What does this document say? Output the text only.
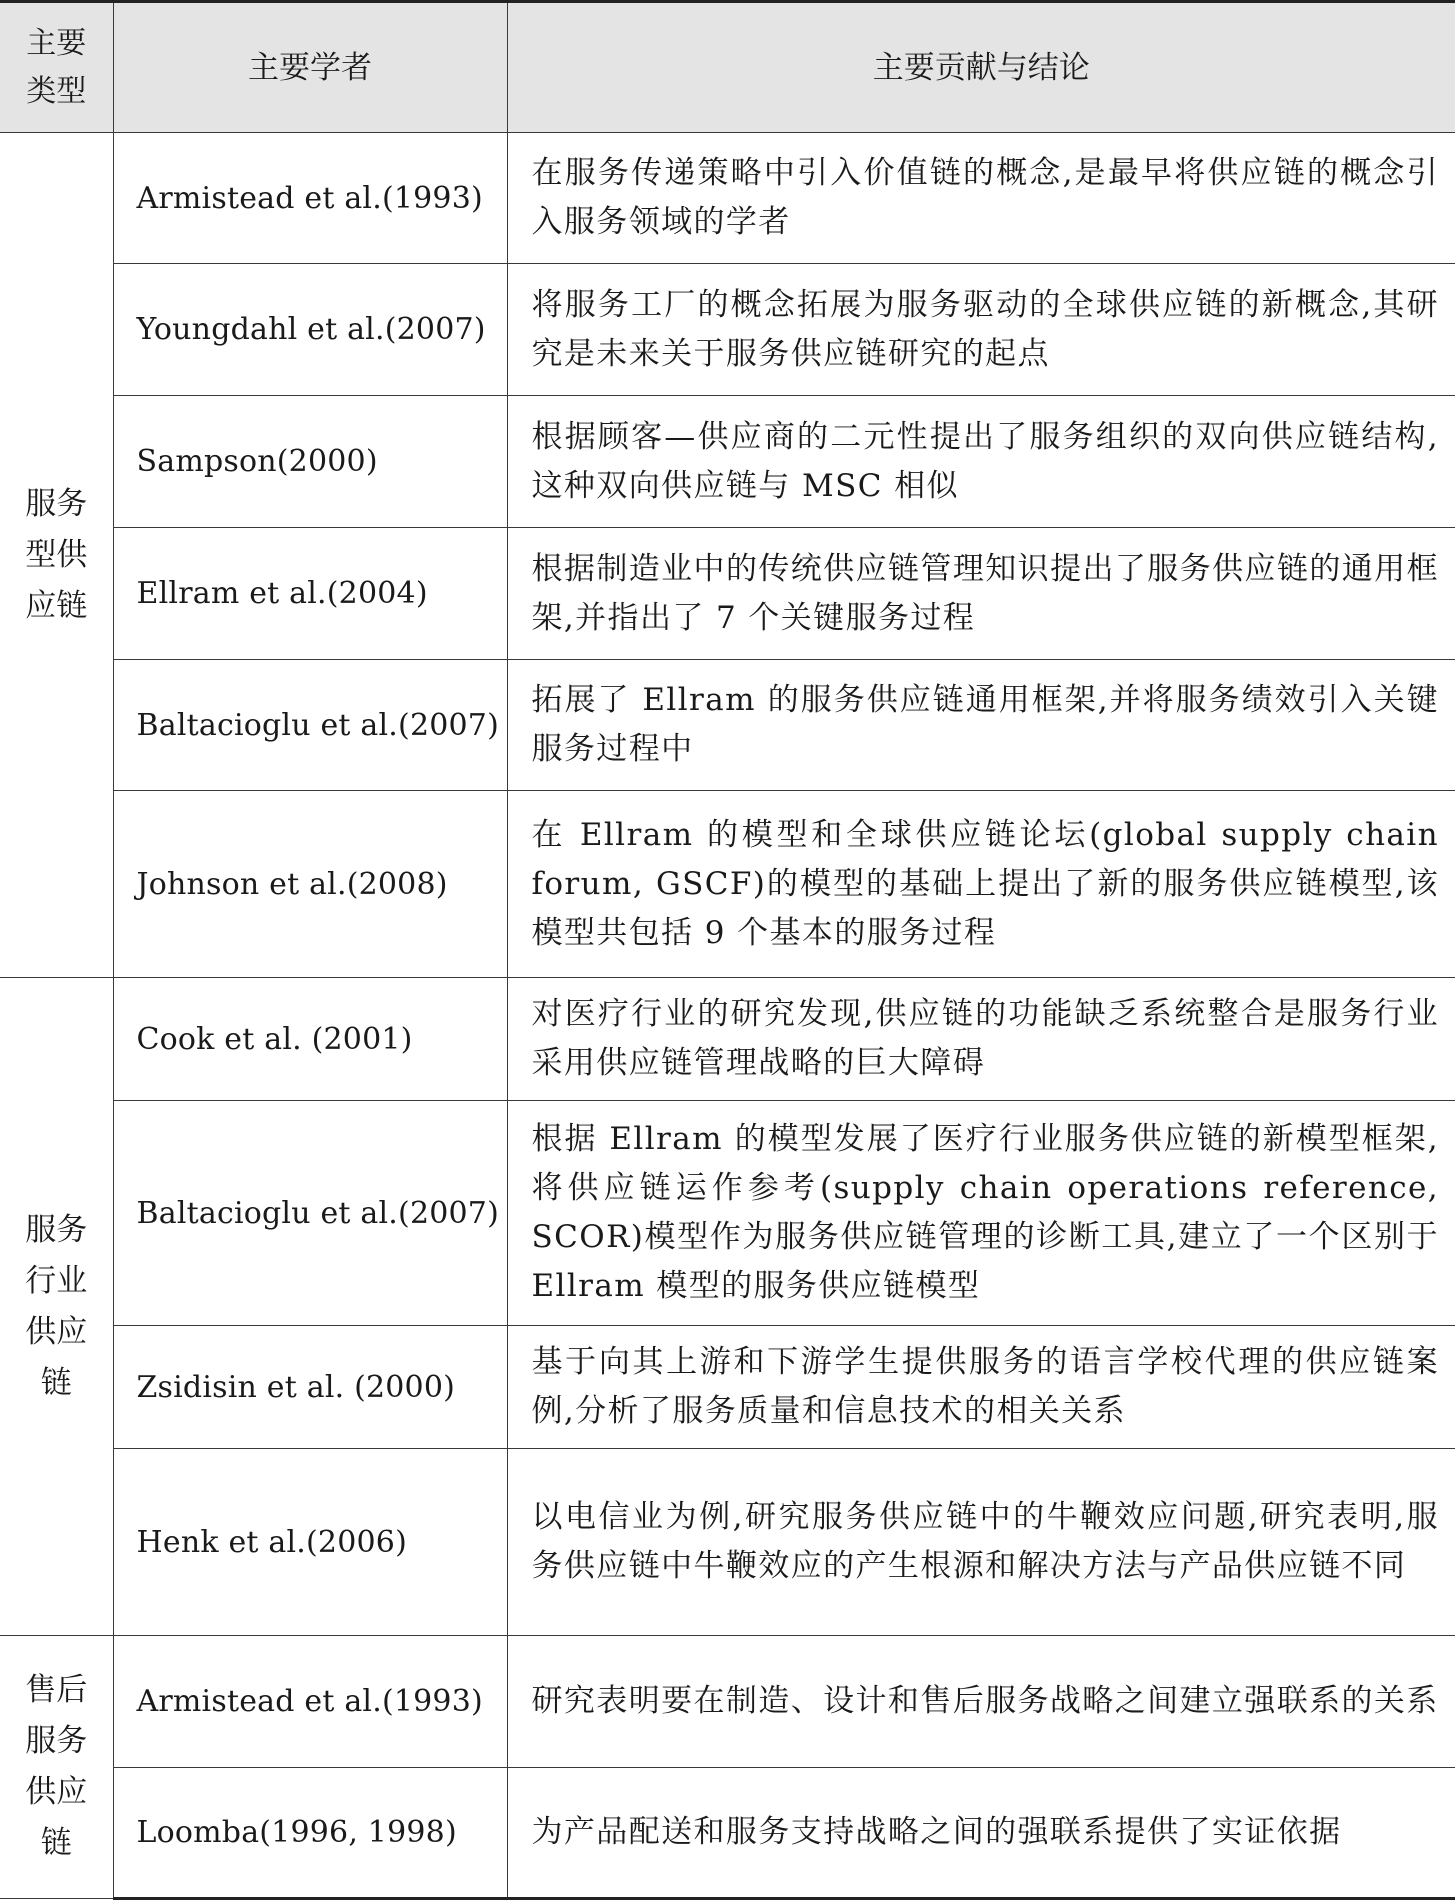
主要类型	主要学者	主要贡献与结论

服务型供应链	Armistead et al.(1993)	在服务传递策略中引入价值链的概念,是最早将供应链的概念引入服务领域的学者
	Youngdahl et al.(2007)	将服务工厂的概念拓展为服务驱动的全球供应链的新概念,其研究是未来关于服务供应链研究的起点
	Sampson(2000)	根据顾客—供应商的二元性提出了服务组织的双向供应链结构,这种双向供应链与 MSC 相似
	Ellram et al.(2004)	根据制造业中的传统供应链管理知识提出了服务供应链的通用框架,并指出了 7 个关键服务过程
	Baltacioglu et al.(2007)	拓展了 Ellram 的服务供应链通用框架,并将服务绩效引入关键服务过程中
	Johnson et al.(2008)	在 Ellram 的模型和全球供应链论坛(global supply chain forum, GSCF)的模型的基础上提出了新的服务供应链模型,该模型共包括 9 个基本的服务过程

服务行业供应链	Cook et al. (2001)	对医疗行业的研究发现,供应链的功能缺乏系统整合是服务行业采用供应链管理战略的巨大障碍
	Baltacioglu et al.(2007)	根据 Ellram 的模型发展了医疗行业服务供应链的新模型框架,将供应链运作参考(supply chain operations reference, SCOR)模型作为服务供应链管理的诊断工具,建立了一个区别于 Ellram 模型的服务供应链模型
	Zsidisin et al. (2000)	基于向其上游和下游学生提供服务的语言学校代理的供应链案例,分析了服务质量和信息技术的相关关系
	Henk et al.(2006)	以电信业为例,研究服务供应链中的牛鞭效应问题,研究表明,服务供应链中牛鞭效应的产生根源和解决方法与产品供应链不同

售后服务供应链	Armistead et al.(1993)	研究表明要在制造、设计和售后服务战略之间建立强联系的关系
	Loomba(1996, 1998)	为产品配送和服务支持战略之间的强联系提供了实证依据
